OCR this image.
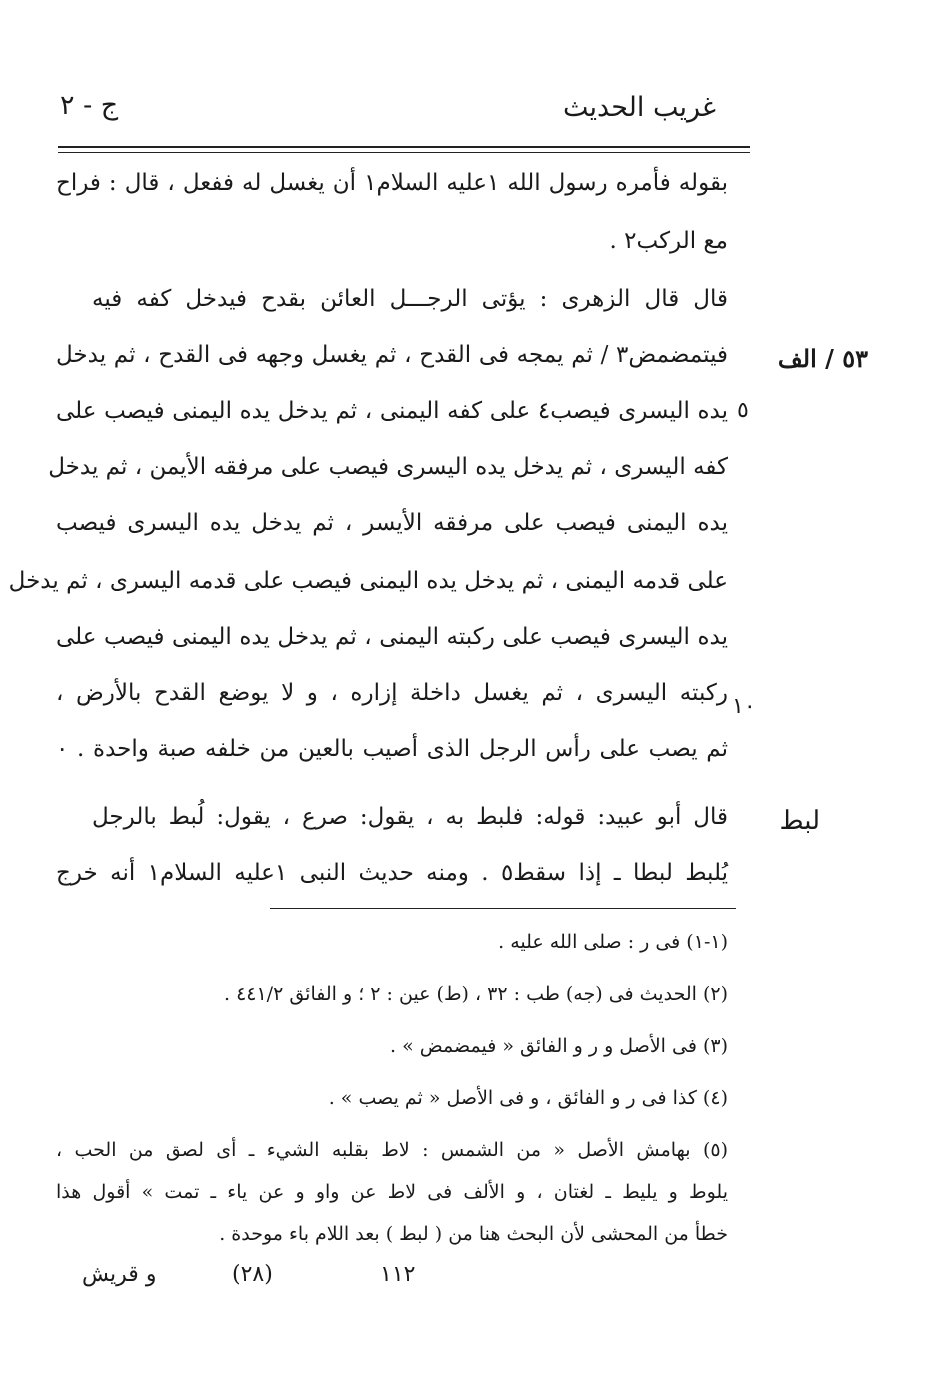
غريب الحديث
ج - ٢
٥٣ / الف
٥
١٠
لبط
بقوله فأمره رسول الله ١عليه السلام١ أن يغسل له ففعل ، قال : فراح
مع الركب٢ .
قال قال الزهرى : يؤتى الرجـــل العائن بقدح فيدخل كفه فيه
فيتمضمض٣ / ثم يمجه فى القدح ، ثم يغسل وجهه فى القدح ، ثم يدخل
يده اليسرى فيصب٤ على كفه اليمنى ، ثم يدخل يده اليمنى فيصب على
كفه اليسرى ، ثم يدخل يده اليسرى فيصب على مرفقه الأيمن ، ثم يدخل
يده اليمنى فيصب على مرفقه الأيسر ، ثم يدخل يده اليسرى فيصب
على قدمه اليمنى ، ثم يدخل يده اليمنى فيصب على قدمه اليسرى ، ثم يدخل
يده اليسرى فيصب على ركبته اليمنى ، ثم يدخل يده اليمنى فيصب على
ركبته اليسرى ، ثم يغسل داخلة إزاره ، و لا يوضع القدح بالأرض ،
ثم يصب على رأس الرجل الذى أصيب بالعين من خلفه صبة واحدة . ٠
قال أبو عبيد: قوله: فلبط به ، يقول: صرع ، يقول: لُبط بالرجل
يُلبط لبطا ـ إذا سقط٥ . ومنه حديث النبى ١عليه السلام١ أنه خرج
(١-١) فى ر : صلى الله عليه .
(٢) الحديث فى (جه) طب : ٣٢ ، (ط) عين : ٢ ؛ و الفائق ٤٤١/٢ .
(٣) فى الأصل و ر و الفائق « فيمضمض » .
(٤) كذا فى ر و الفائق ، و فى الأصل « ثم يصب » .
(٥) بهامش الأصل « من الشمس : لاط بقلبه الشيء ـ أى لصق من الحب ،
يلوط و يليط ـ لغتان ، و الألف فى لاط عن واو و عن ياء ـ تمت » أقول هذا
خطأ من المحشى لأن البحث هنا من ( لبط ) بعد اللام باء موحدة .
١١٢
(٢٨)
و قريش
